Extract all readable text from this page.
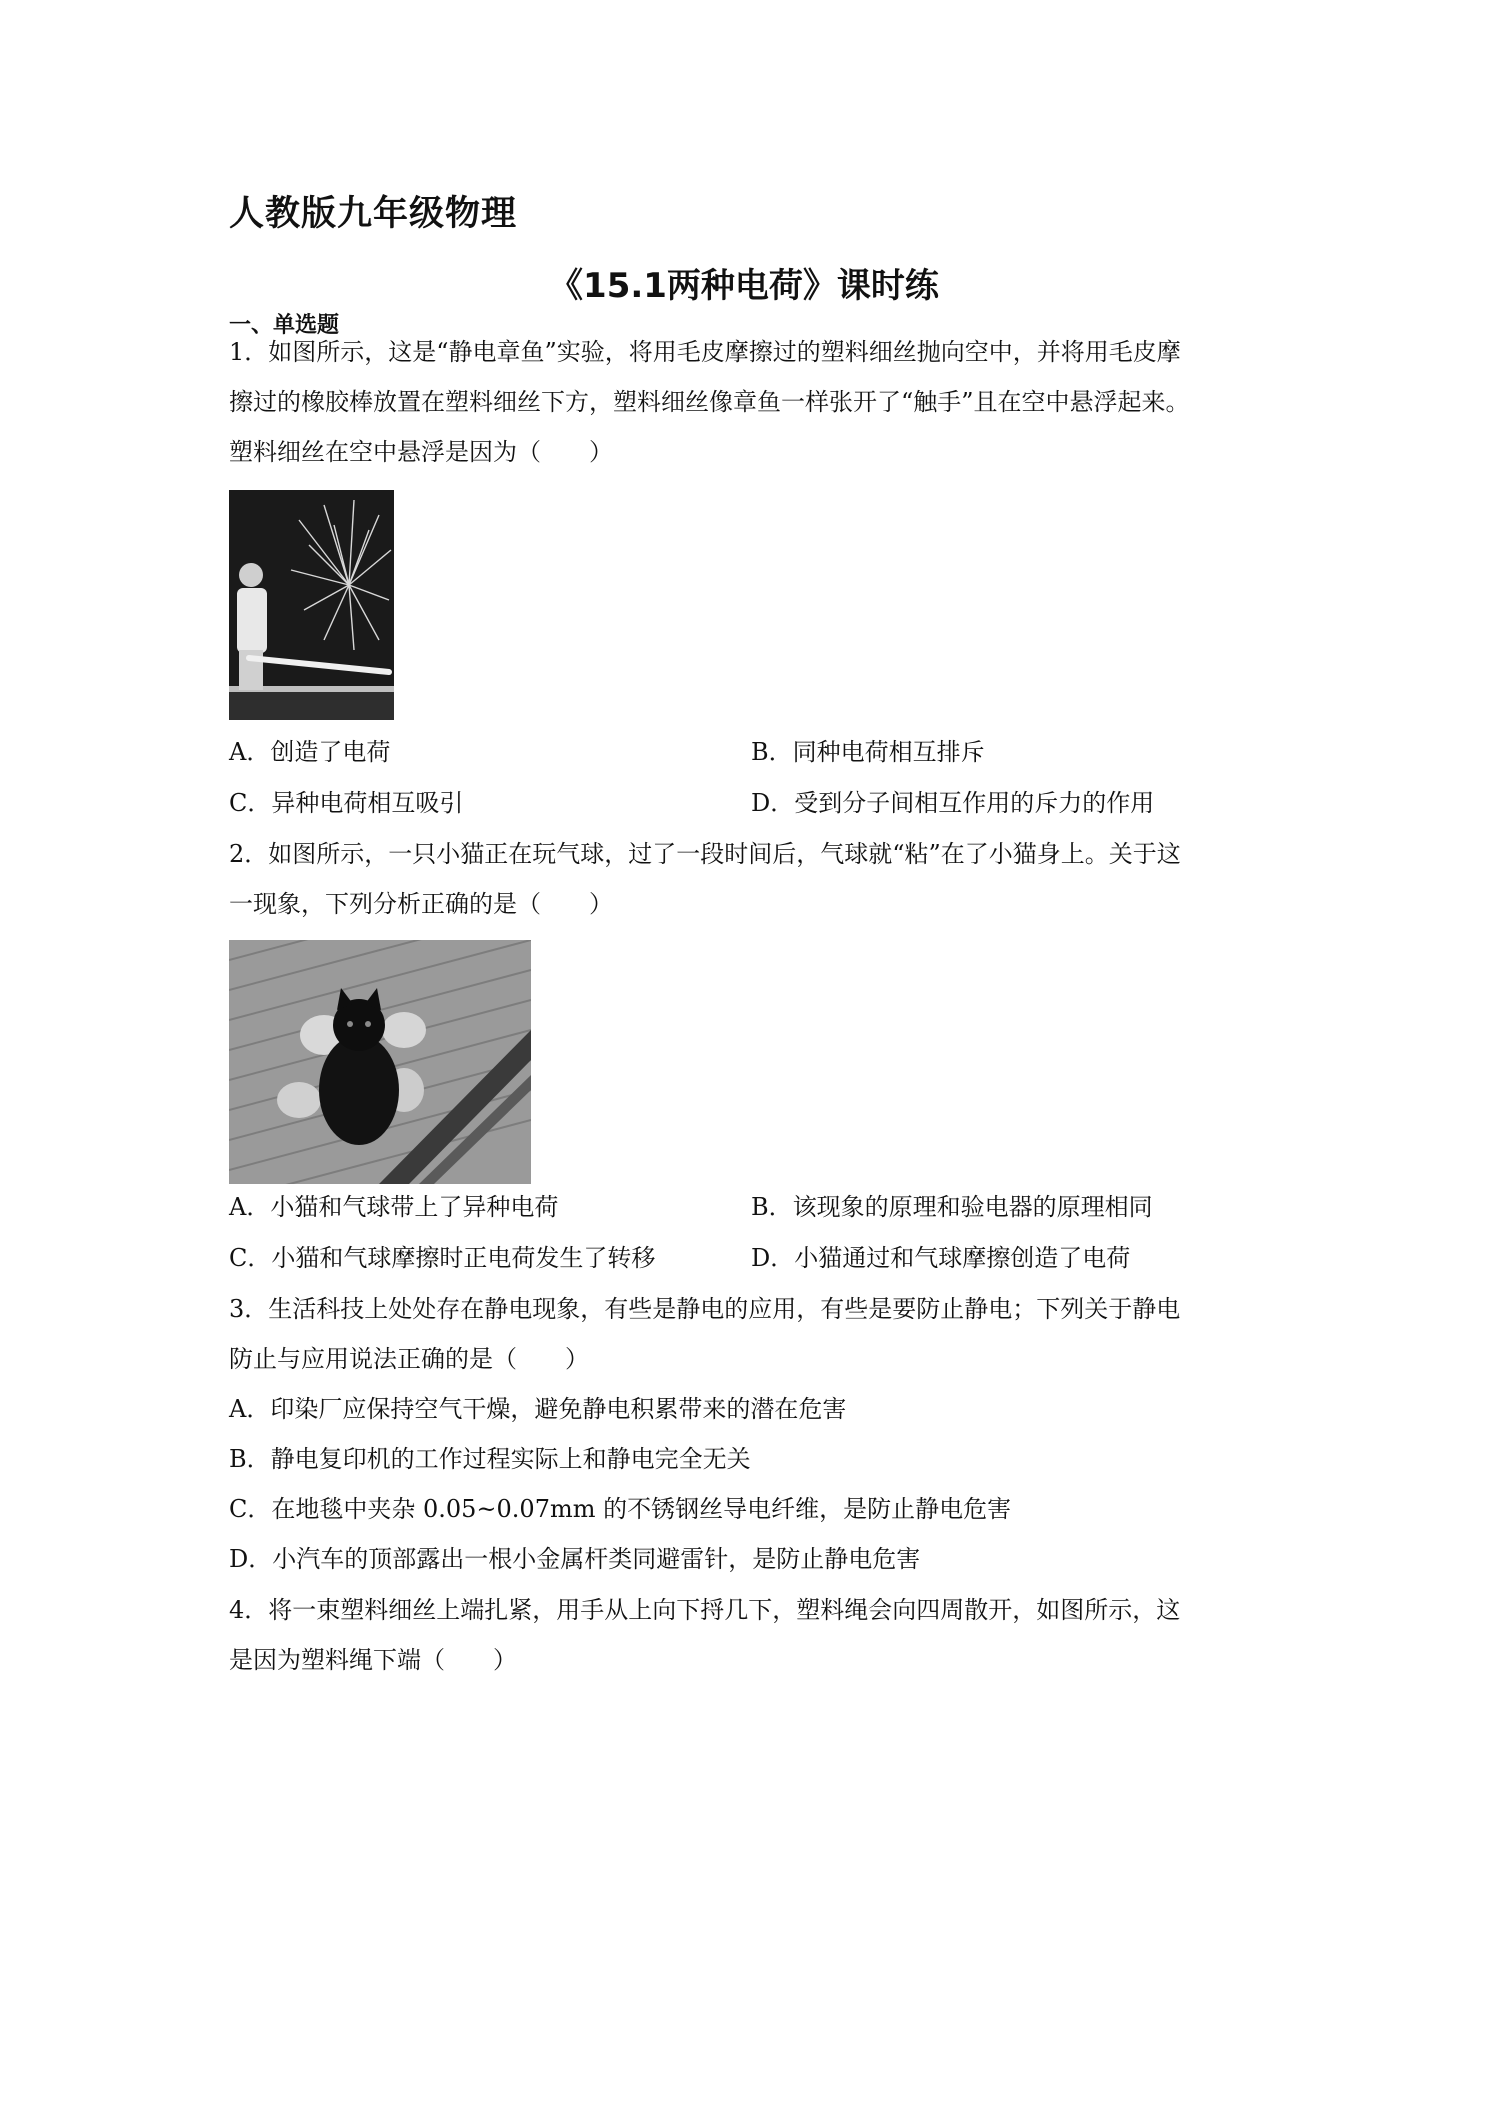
人教版九年级物理
《15.1两种电荷》课时练
一、单选题
1．如图所示，这是“静电章鱼”实验，将用毛皮摩擦过的塑料细丝抛向空中，并将用毛皮摩
擦过的橡胶棒放置在塑料细丝下方，塑料细丝像章鱼一样张开了“触手”且在空中悬浮起来。
塑料细丝在空中悬浮是因为（　　）
A．创造了电荷	B．同种电荷相互排斥
C．异种电荷相互吸引	D．受到分子间相互作用的斥力的作用
2．如图所示，一只小猫正在玩气球，过了一段时间后，气球就“粘”在了小猫身上。关于这
一现象，下列分析正确的是（　　）
A．小猫和气球带上了异种电荷	B．该现象的原理和验电器的原理相同
C．小猫和气球摩擦时正电荷发生了转移	D．小猫通过和气球摩擦创造了电荷
3．生活科技上处处存在静电现象，有些是静电的应用，有些是要防止静电；下列关于静电
防止与应用说法正确的是（　　）
A．印染厂应保持空气干燥，避免静电积累带来的潜在危害
B．静电复印机的工作过程实际上和静电完全无关
C．在地毯中夹杂 0.05~0.07mm 的不锈钢丝导电纤维，是防止静电危害
D．小汽车的顶部露出一根小金属杆类同避雷针，是防止静电危害
4．将一束塑料细丝上端扎紧，用手从上向下捋几下，塑料绳会向四周散开，如图所示，这
是因为塑料绳下端（　　）
